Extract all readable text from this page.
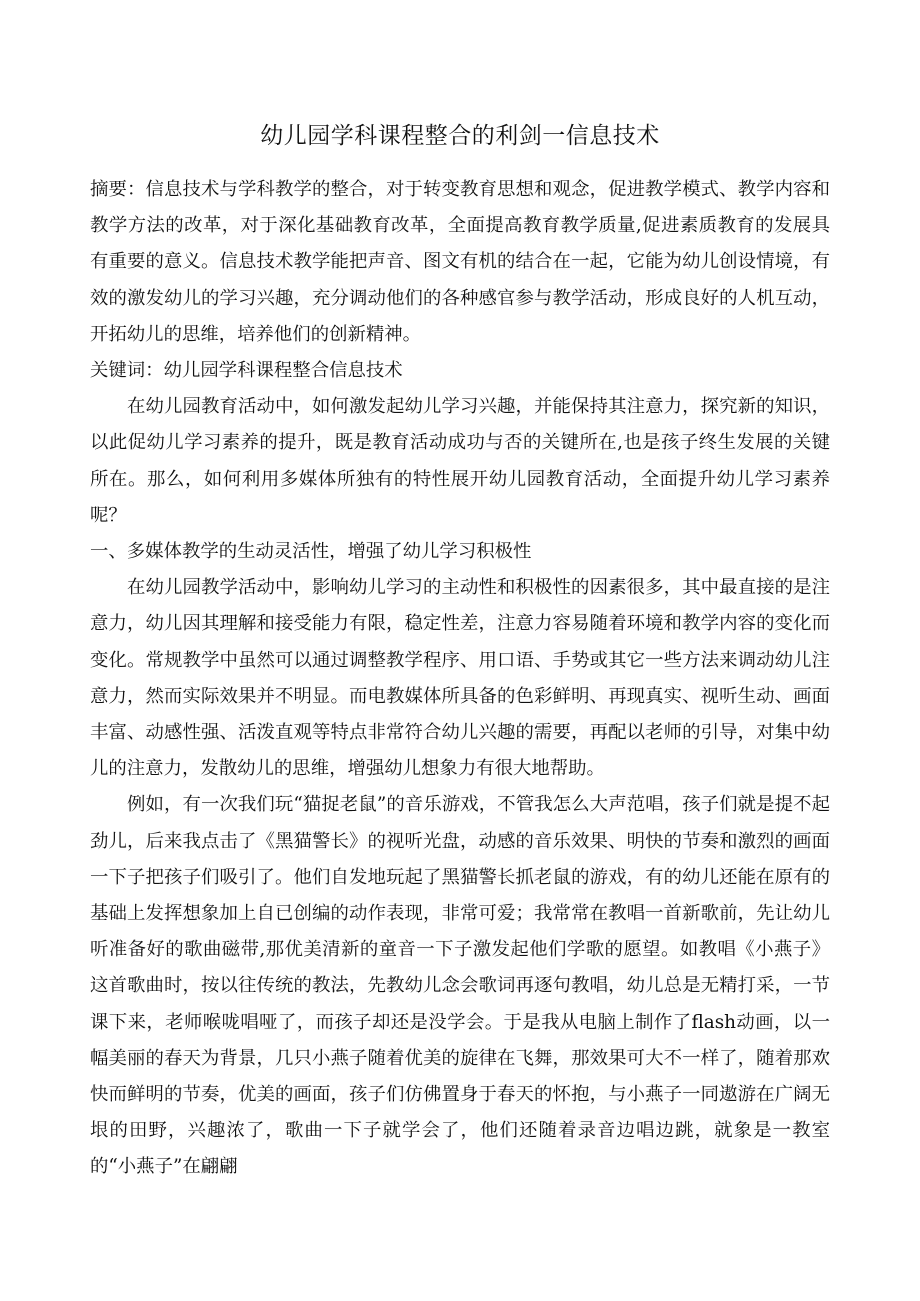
幼儿园学科课程整合的利剑一信息技术

摘要：信息技术与学科教学的整合，对于转变教育思想和观念，促进教学模式、教学内容和教学方法的改革，对于深化基础教育改革，全面提高教育教学质量,促进素质教育的发展具有重要的意义。信息技术教学能把声音、图文有机的结合在一起，它能为幼儿创设情境，有效的激发幼儿的学习兴趣，充分调动他们的各种感官参与教学活动，形成良好的人机互动，开拓幼儿的思维，培养他们的创新精神。

关键词：幼儿园学科课程整合信息技术

在幼儿园教育活动中，如何激发起幼儿学习兴趣，并能保持其注意力，探究新的知识，以此促幼儿学习素养的提升，既是教育活动成功与否的关键所在,也是孩子终生发展的关键所在。那么，如何利用多媒体所独有的特性展开幼儿园教育活动，全面提升幼儿学习素养呢？

一、多媒体教学的生动灵活性，增强了幼儿学习积极性

在幼儿园教学活动中，影响幼儿学习的主动性和积极性的因素很多，其中最直接的是注意力，幼儿因其理解和接受能力有限，稳定性差，注意力容易随着环境和教学内容的变化而变化。常规教学中虽然可以通过调整教学程序、用口语、手势或其它一些方法来调动幼儿注意力，然而实际效果并不明显。而电教媒体所具备的色彩鲜明、再现真实、视听生动、画面丰富、动感性强、活泼直观等特点非常符合幼儿兴趣的需要，再配以老师的引导，对集中幼儿的注意力，发散幼儿的思维，增强幼儿想象力有很大地帮助。

例如，有一次我们玩“猫捉老鼠”的音乐游戏，不管我怎么大声范唱，孩子们就是提不起劲儿，后来我点击了《黑猫警长》的视听光盘，动感的音乐效果、明快的节奏和激烈的画面一下子把孩子们吸引了。他们自发地玩起了黑猫警长抓老鼠的游戏，有的幼儿还能在原有的基础上发挥想象加上自已创编的动作表现，非常可爱；我常常在教唱一首新歌前，先让幼儿听准备好的歌曲磁带,那优美清新的童音一下子激发起他们学歌的愿望。如教唱《小燕子》这首歌曲时，按以往传统的教法，先教幼儿念会歌词再逐句教唱，幼儿总是无精打采，一节课下来，老师喉咙唱哑了，而孩子却还是没学会。于是我从电脑上制作了flash动画，以一幅美丽的春天为背景，几只小燕子随着优美的旋律在飞舞，那效果可大不一样了，随着那欢快而鲜明的节奏，优美的画面，孩子们仿佛置身于春天的怀抱，与小燕子一同遨游在广阔无垠的田野，兴趣浓了，歌曲一下子就学会了，他们还随着录音边唱边跳，就象是一教室的“小燕子”在翩翩
